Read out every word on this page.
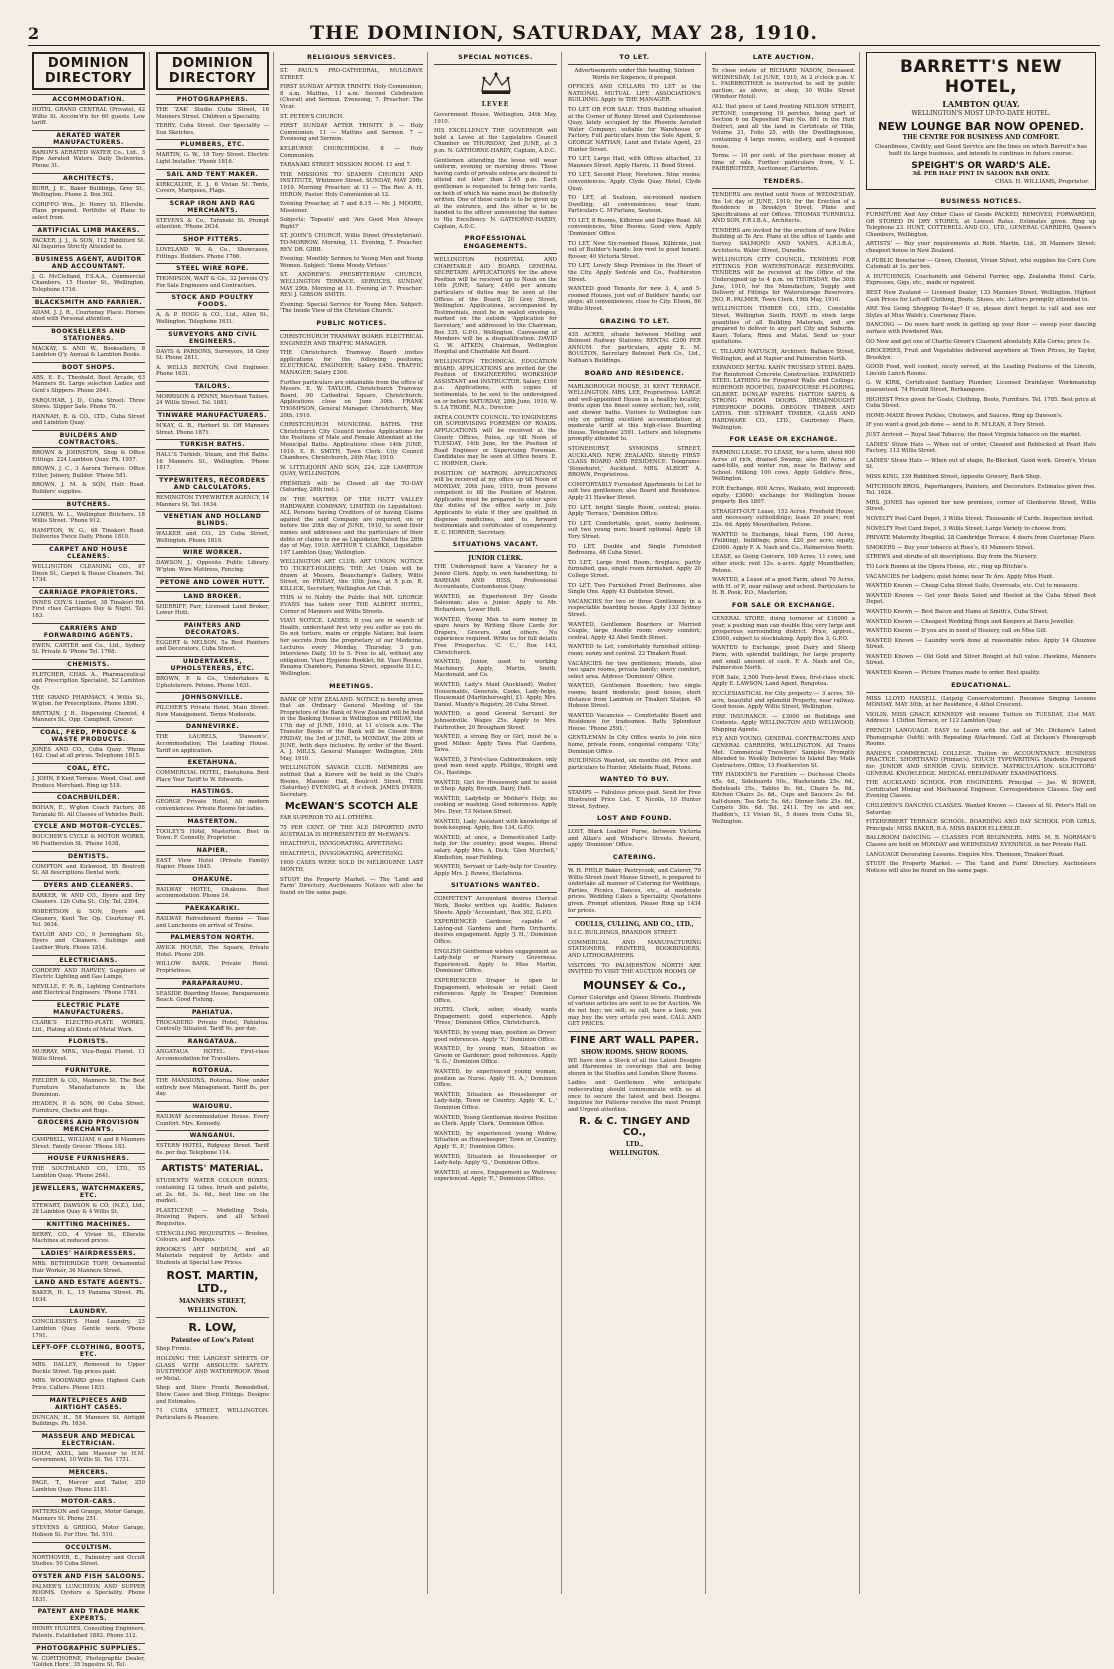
2	THE DOMINION, SATURDAY, MAY 28, 1910.
DOMINION DIRECTORY
ACCOMMODATION.
HOTEL GRAND CENTRAL (Private), 42 Willis St. Accom'd'n for 60 guests. Low tariff.
AERATED WATER MANUFACTURERS.
BARON'S AERATED WATER Co., Ltd., 3 Pipe Aerated Waters. Daily Deliveries. Phone 31.
ARCHITECTS.
BURR, J. E., Baker Buildings, Grey St., Wellington. Phone 2. Box 302.
CORIFFO Wm., Jr. Henry St. Ellerslie. Plans prepared. Portfolio of Plans to select from.
ARTIFICIAL LIMB MAKERS.
PACKER, J. J., & SON, 112 Riddiford St. All Inquiries Strictly Attended to.
BUSINESS AGENT, AUDITOR AND ACCOUNTANT.
J. G. McClelland, F.S.A.A., Commercial Chambers, 15 Hunter St., Wellington. Telephone 1716.
BLACKSMITH AND FARRIER.
ADAM, J. J. R., Courtenay Place. Horses shod with Personal attention.
BOOKSELLERS AND STATIONERS.
MACKAY, S. AND W., Booksellers, 8 Lambton Q'y. Annual & Lambton Books.
BOOT SHOPS.
ABS, E. E., Theobald, Boot Arcade, 63 Manners St. Large selection Ladies and Gent's Slippers. Phone 2641.
FARQUHAR, J. D., Cuba Street. Three Stores. Slipper Sale. Phone 70.
HANNAH, R. & CO., LTD., Cuba Street and Lambton Quay.
BUILDERS AND CONTRACTORS.
BROWN & JOHNSTON, Shop & Office Fittings. 224 Lambton Quay. Ph. 1957.
BROWN, J. C., 3 Aurora Terrace. Office Fitter, Joinery, Builder. 'Phone 581.
BROWN, J. M. & SON, Hutt Road. Builders' supplies.
BUTCHERS.
LOWES, W. L., Wellington Butchers. 18 Willis Street. 'Phone 912.
HAMPTON, W. G., 68 Tinakori Road. Deliveries Twice Daily. Phone 1810.
CARPET AND HOUSE CLEANERS.
WELLINGTON CLEANING CO., 87 Dixon St., Carpet & House Cleaners. Tel. 1734.
CARRIAGE PROPRIETORS.
INNES COY.'S Limited, 38 Tinakori Rd. First class Carriages Day & Night. Tel. 163.
CARRIERS AND FORWARDING AGENTS.
EWEN, CARTER and Co., Ltd., Sydney St. Private & 'Phone Tel. 1768.
CHEMISTS.
FLETCHER, CHAS. A., Pharmaceutical and Prescription Specialist, 52 Lambton Qy.
THE GRAND PHARMACY, 4 Willis St., W'gton. for Prescriptions. Phone 1890.
BRITTAIN, J. B., Dispensing Chemist, 4 Manners St., Opp. Campbell, Grocer.
COAL, FEED, PRODUCE & WASTE PRODUCTS.
JONES AND CO., Cuba Quay. 'Phone 162. Coal at all prices. Telephone 1815.
COAL, ETC.
J. JOHN, 8 Kent Terrace. Wood, Coal, and Produce Merchant. Ring up 518.
COACHBUILDER.
BOHAN, E., W'gton Coach Factory. 88 Taranaki St. All Classes of Vehicles Built.
CYCLE AND MOTOR-CYCLES.
BOUCHER'S CYCLE & MOTOR WORKS, 96 Featherston St. 'Phone 1638.
DENTISTS.
COMPTON and Kirkwood, 85 Boulcott St. All descriptions Dental work.
DYERS AND CLEANERS.
BARKER, W. AND CO., Dyers and Dry Cleaners. 126 Cuba St., City. Tel. 2304.
ROBERTSON & SON, Dyers and Cleaners, Kent Ter. Op. Courtenay Pl. Tel. 3634.
TAYLOR AND CO., 9 Jerningham St., Dyers and Cleaners. Suitings and Leather Work. Phone 1814.
ELECTRICIANS.
CORDERY AND HARVEY, Suppliers of Electric Lighting and Gas Lamps.
NEVILLE, F. R. B., Lighting Contractors and Electrical Engineers. 'Phone 1781.
ELECTRIC PLATE MANUFACTURERS.
CLARK'S ELECTRO-PLATE WORKS, Ltd., Plating all Kinds of Metal Work.
FLORISTS.
MURRAY, MRS., Vice-Regal Florist. 11 Willis Street.
FURNITURE.
FIELDER & CO., Manners St. The Best Furniture Manufacturers in the Dominion.
HEADEN, P. & SON, 90 Cuba Street. Furniture, Clocks and Rugs.
GROCERS AND PROVISION MERCHANTS.
CAMPBELL, WILLIAM, 6 and 8 Manners Street. Family Grocer. 'Phone 183.
HOUSE FURNISHERS.
THE SOUTHLAND CO., LTD., 55 Lambton Quay. 'Phone 2641.
JEWELLERS, WATCHMAKERS, ETC.
STEWART, DAWSON & CO. (N.Z.), Ltd., 28 Lambton Quay & 4 Willis St.
KNITTING MACHINES.
BERRY, CO., 4 Vivian St., Ellerslie Machines at reduced prices.
LADIES' HAIRDRESSERS.
MRS. BETHERIDGE TOPP, Ornamental Hair Worker, 36 Manners Street.
LAND AND ESTATE AGENTS.
BAKER, H. L., 15 Panama Street. Ph. 1634.
LAUNDRY.
CONCILESSIE'S Hand Laundry, 23 Lambton Quay. Gentle work. 'Phone 1791.
LEFT-OFF CLOTHING, BOOTS, ETC.
MRS. DALLEY, Removed to Upper Buckle Street. Top prices paid.
MRS. WOODWARD gives Highest Cash Price. Callers. Phone 1831.
MANTELPIECES AND AIRTIGHT CASES.
DUNCAN, H., 58 Manners St. Airtight Buildings. Ph. 1634.
MASSEUR AND MEDICAL ELECTRICIAN.
HOLM, AXEL, late Masseur to H.M. Government, 10 Willis St. Tel. 1751.
MERCERS.
PAGE, T., Mercer and Tailor, 250 Lambton Quay. Phone 2181.
MOTOR-CARS.
PATTERSON and Grange, Motor Garage, Manners St. Phone 251.
STEVENS & GREIGG, Motor Garage, Hobson St. For Hire. Tel. 510.
OCCULTISM.
NORTHOVER, E., Palmistry and Occult Studies. 50 Cuba Street.
OYSTER AND FISH SALOONS.
PALMER'S LUNCHEON AND SUPPER ROOMS. Oysters a Speciality. Phone 1831.
PATENT AND TRADE MARK EXPERTS.
HENRY HUGHES, Consulting Engineers, Patents. Established 1882. Phone 312.
PHOTOGRAPHIC SUPPLIES.
W. COPITHORNE, Photographic Dealer, 'Golden Horn', 35 Ingestre St. Tel.
DOMINION DIRECTORY
PHOTOGRAPHERS.
THE 'ZAK' Studio Cuba Street, 16 Manners Street. Children a Speciality.
TERRY, Cuba Street. Our Speciality — Sun Sketches.
PLUMBERS, ETC.
MARTIN, G. W., 18 Tory Street. Electric Light Installer. 'Phone 1816.
SAIL AND TENT MAKER.
KIRKCALDIE, E. J., 6 Vivian St. Tents, Covers, Marquees, Flags.
SCRAP IRON AND RAG MERCHANTS.
STEVENS & Co., Taranaki St. Prompt attention. 'Phone 2634.
SHOP FITTERS.
LOVELAND W. & Co., Showcases, Fittings. Builders. Phone 1766.
STEEL WIRE ROPE.
THOMPSON, WAIT & Co., 32 Jervois Q'y. For Sale Engineers and Contractors.
STOCK AND POULTRY FOODS.
A. & P. HOGG & CO., Ltd., Allen St., Wellington. Telephone 1631.
SURVEYORS AND CIVIL ENGINEERS.
DAVIS & PARSONS, Surveyors, 18 Grey St. Phone 2811.
A. WELLS BENTON, Civil Engineer. Phone 1631.
TAILORS.
MORRISON & PENNY, Merchant Tailors, 24 Willis Street. Tel. 1681.
TINWARE MANUFACTURERS.
M'KAY, G. B., Herbert St. Off Manners Street. Phone 1871.
TURKISH BATHS.
HALL'S Turkish, Steam, and Hot Baths. 16 Manners St., Wellington. 'Phone 1817.
TYPEWRITERS, RECORDERS AND CALCULATORS.
REMINGTON TYPEWRITER AGENCY, 14 Manners St. Tel. 1634.
VENETIAN AND HOLLAND BLINDS.
WALKER and CO., 25 Cuba Street, Wellington. Phone 1819.
WIRE WORKER.
DAWSON J., Opposite Public Library. W'gton. Wire Mattress, Fencing.
PETONE AND LOWER HUTT.
LAND BROKER.
SHERRIFF, Farr, Licensed Land Broker, Lower Hutt.
PAINTERS AND DECORATORS.
EGGERT & NELSON, 5a Best Painters and Decorators, Cuba Street.
UNDERTAKERS, UPHOLSTERERS, ETC.
BROWN, F. & Co., Undertakers & Upholsterers. Petone. Phone 1631.
JOHNSONVILLE.
PILCHER'S Private Hotel, Main Street. New Management. Terms Moderate.
DANNEVIRKE.
THE LAURELS, 'Dawson's', Accommodation; The Leading House. Tariff on application.
EKETAHUNA.
COMMERCIAL HOTEL, Eketahuna. Best Place Your Tariff to W. Edwards.
HASTINGS.
GEORGE Private Hotel, All modern conveniences. Private Rooms for ladies.
MASTERTON.
TOOLEY'S Hotel, Masterton. Best in Town. F. Connolly, Proprietor.
NAPIER.
EAST View Hotel (Private Family) Napier. Phone 1645.
OHAKUNE.
RAILWAY HOTEL, Ohakune. Best accommodation. Phone 24.
PAEKAKARIKI.
RAILWAY Refreshment Rooms — Teas and Luncheons on arrival of Trains.
PALMERSTON NORTH.
AWICK HOUSE, The Square, Private Hotel. Phone 209.
WILLOW BANK, Private Hotel. Proprietress.
PARAPARAUMU.
SEASIDE Boarding House, Paraparaumu Beach. Good Fishing.
PAHIATUA.
TROCADERO Private Hotel, Pahiatua. Centrally Situated. Tariff 6s. per day.
RANGATAUA.
ANGATAUA HOTEL. First-class Accommodation for Travellers.
ROTORUA.
THE MANSIONS, Rotorua. Now under entirely new Management. Tariff 8s. per day.
WAIOURU.
RAILWAY Accommodation House. Every Comfort. Mrs. Kennedy.
WANGANUI.
ESTERN HOTEL, Ridgway Street. Tariff 6s. per day. Telephone 114.
ARTISTS' MATERIAL.
STUDENTS' WATER COLOUR BOXES, containing 12 tubes, brush and palette, at 2s. 6d., 3s. 6d., best line on the market.
PLASTICENE — Modelling Tools, Drawing Papers, and all School Requisites.
STENCILLING REQUISITES — Brushes, Colours, and Designs.
BROOKE'S ART MEDIUM, and all Materials required by Artists and Students at Special Low Prices.
ROST. MARTIN, LTD.,
MANNERS STREET,
WELLINGTON.
R. LOW,
Patentee of Low's Patent
Shop Fronts.
HOLDING THE LARGEST SHEETS OF GLASS WITH ABSOLUTE SAFETY. DUSTPROOF AND WATERPROOF. Wood or Metal.
Shop and Store Fronts Remodelled, Show Cases and Shop Fittings. Designs and Estimates.
71 CUBA STREET, WELLINGTON. Particulars & Pleasure.
RELIGIOUS SERVICES.
ST. PAUL'S PRO-CATHEDRAL, MULGRAVE STREET.
FIRST SUNDAY AFTER TRINITY. Holy Communion, 8 a.m. Mattins, 11 a.m. Second Celebration (Choral) and Sermon. Evensong, 7. Preacher: The Vicar.
ST. PETER'S CHURCH.
FIRST SUNDAY AFTER TRINITY. 8 — Holy Communion. 11 — Mattins and Sermon. 7 — Evensong and Sermon.
KELBURNE CHURCHROOM. 8 — Holy Communion.
TARANAKI STREET MISSION ROOM. 11 and 7.
THE MISSIONS TO SEAMEN CHURCH AND INSTITUTE, Whitmore Street. SUNDAY, MAY 29th, 1910. Morning Preacher, at 11 — The Rev. A. H. HERON, Pastor. Holy Communion at 12.
Evening Preacher, at 7 and 8.15 — Mr. J. MOORE, Missioner.
Subjects: 'Topsails' and 'Are Good Men Always Right?'
ST. JOHN'S CHURCH, Willis Street (Presbyterian). TO-MORROW. Morning, 11. Evening, 7. Preacher, REV. DR. GIBB.
Evening: Monthly Sermon to Young Men and Young Women. Subject: 'Some Moody Virtues.'
ST. ANDREW'S PRESBYTERIAN CHURCH, WELLINGTON TERRACE. SERVICES, SUNDAY, MAY 29th. Morning at 11. Evening at 7. Preacher: REV. J. GIBSON SMITH.
Evening: Special Service for Young Men. Subject: 'The Inside View of the Christian Church.'
PUBLIC NOTICES.
CHRISTCHURCH TRAMWAY BOARD. ELECTRICAL ENGINEER AND TRAFFIC MANAGER.
THE Christchurch Tramway Board invites applications for the following positions: ELECTRICAL ENGINEER; Salary £450. TRAFFIC MANAGER; Salary £300.
Further particulars are obtainable from the office of Messrs. E. W. TAYLOR, Christchurch Tramway Board, 90 Cathedral Square, Christchurch. Applications close on June 30th. FRANK THOMPSON, General Manager. Christchurch, May 20th, 1910.
CHRISTCHURCH MUNICIPAL BATHS. THE Christchurch City Council invites Applications for the Positions of Male and Female Attendant at the Municipal Baths. Applications close 14th JUNE, 1910. E. R. SMITH, Town Clerk. City Council Chambers, Christchurch, 24th May, 1910.
W. LITTLEJOHN AND SON, 224, 228 LAMBTON QUAY, WELLINGTON.
PREMISES will be Closed all day TO-DAY (Saturday, 28th inst.).
IN THE MATTER OF THE HUTT VALLEY HARDWARE COMPANY, LIMITED (in Liquidation). ALL Persons having Creditors of or having Claims against the said Company are required, on or before the 20th day of JUNE, 1910, to send their names and addresses and the particulars of their debts or claims to me as Liquidator. Dated the 28th day of May, 1910. ARTHUR T. CLARKE, Liquidator. 197 Lambton Quay, Wellington.
WELLINGTON ART CLUB. ART UNION. NOTICE TO TICKET-HOLDERS. THE Art Union will be drawn at Messrs. Beauchamp's Gallery, Willis Street, on FRIDAY, the 10th June, at 5 p.m. R. KILLICK, Secretary, Wellington Art Club.
THIS is to Notify the Public that MR. GEORGE EVANS has taken over THE ALBERT HOTEL, Corner of Manners and Willis Streets.
VIAVI NOTICE. LADIES: If you are in search of Health, understand first why you suffer as you do. Do not torture, maim or cripple Nature; but learn her secrets from the proprietary of our Medicine. Lectures every Monday, Thursday, 3 p.m. Interviews Daily, 10 to 5. Free to all, without any obligation. Viavi Hygienic Booklet, 6d. Viavi Rooms, Panama Chambers, Panama Street, opposite D.I.C., Wellington.
MEETINGS.
BANK OF NEW ZEALAND. NOTICE is hereby given that an Ordinary General Meeting of the Proprietors of the Bank of New Zealand will be held in the Banking House in Wellington on FRIDAY, the 17th day of JUNE, 1910, at 11 o'clock a.m. The Transfer Books of the Bank will be Closed from FRIDAY, the 3rd of JUNE, to MONDAY, the 20th of JUNE, both days inclusive. By order of the Board. A. J. MILLS, General Manager. Wellington, 24th May, 1910.
WELLINGTON SAVAGE CLUB. MEMBERS are notified that a Korero will be held in the Club's Rooms, Masonic Hall, Boulcott Street, THIS (Saturday) EVENING, at 8 o'clock. JAMES DYKES, Secretary.
McEWAN'S SCOTCH ALE
FAR SUPERIOR TO ALL OTHERS.
75 PER CENT. OF THE ALE IMPORTED INTO AUSTRALIA IS REPRESENTED BY McEWAN'S.
HEALTHFUL, INVIGORATING, APPETISING.
HEALTHFUL, INVIGORATING, APPETISING.
1600 CASES WERE SOLD IN MELBOURNE LAST MONTH.
STUDY the Property Market. — The 'Land and Farm' Directory. Auctioneers Notices will also be found on the same page.
SPECIAL NOTICES.
LEVEE
Government House, Wellington, 24th May, 1910.
HIS EXCELLENCY THE GOVERNOR will hold a Levee at the Legislative Council Chamber on THURSDAY, 2nd JUNE, at 3 p.m. N. GATHORNE-HARDY, Captain, A.D.C.
Gentlemen attending the levee will wear uniform, evening or morning dress. Those having cards of private entree are desired to attend not later than 2.45 p.m. Each gentleman is requested to bring two cards, on both of which his name must be distinctly written. One of these cards is to be given up at the entrance, and the other is to be handed to the officer announcing the names to His Excellency. N. GATHORNE-HARDY, Captain, A.D.C.
PROFESSIONAL ENGAGEMENTS.
WELLINGTON HOSPITAL AND CHARITABLE AID BOARD. GENERAL SECRETARY. APPLICATIONS for the above Position will be received up to Noon on the 10th JUNE; Salary, £400 per annum; particulars of duties may be seen at the Offices of the Board, 20 Grey Street, Wellington. Applications, accompanied by Testimonials, must be in sealed envelopes, marked on the outside 'Application for Secretary,' and addressed to the Chairman, Box 335, G.P.O., Wellington. Canvassing of Members will be a disqualification. DAVID G. W. AITKEN, Chairman, Wellington Hospital and Charitable Aid Board.
WELLINGTON TECHNICAL EDUCATION BOARD. APPLICATIONS are invited for the Position of ENGINEERING WORKSHOP ASSISTANT and INSTRUCTOR. Salary, £160 p.a. Applications, with copies of testimonials, to be sent to the undersigned on or before SATURDAY, 28th June, 1910. W. S. LA TROBE, M.A., Director.
PATEA COUNTY COUNCIL. TO ENGINEERS OR SUPERVISING FOREMEN OF ROADS. APPLICATIONS will be received at the County Offices, Patea, up till Noon of TUESDAY, 14th June, for the Position of Road Engineer or Supervising Foreman. Candidates may be seen at Office hours. E. C. HORNER, Clerk.
POSITION OF MATRON. APPLICATIONS will be received at my office up till Noon of MONDAY, 20th June, 1910, from persons competent to fill the Position of Matron. Applicants must be prepared to enter upon the duties of the office early in July. Applicants to state if they are qualified in dispense medicines, and to forward testimonials and certificates of competency. E. C. HORNER, Secretary.
SITUATIONS VACANT.
JUNIOR CLERK.
THE Undersigned have a Vacancy for a Junior Clerk. Apply, in own handwriting, to BARHAM AND HISS, Professional Accountants, Customhouse Quay.
WANTED, an Experienced Dry Goods Salesman; also a Junior. Apply to Mr. Richardson, Lower Hutt.
WANTED, Young Man to earn money in spare hours by Writing Show Cards for Drapers, Grocers, and others. No experience required. Write us for full details Free Prospectus. 'C. C.,' Box 143, Christchurch.
WANTED, Junior, used to working Machinery. Apply, Martin, Smith, Macdonald, and Co.
WANTED, Lady's Maid (Auckland), Waiter, Housemaids, Generals, Cooks, Lady-helps, Housemaid (Martinborough), £1. Apply, Mrs. Daniel, Mundy's Registry, 26 Cuba Street.
WANTED, a good General Servant for Johnsonville. Wages 25s. Apply to Mrs. Fairbrother, 20 Brougham Street.
WANTED, a strong Boy or Girl, must be a good Milker. Apply Tawa Flat Gardens, Tawa.
WANTED, 3 First-class Cabinetmakers, only good men need apply. Phillips, Wright and Co., Hastings.
WANTED, Girl for Housework and to assist in Shop. Apply, Brough, Dairy, Hutt.
WANTED, Ladyhelp or Mother's Help; no cooking or washing. Good references. Apply Mrs. Dyer, 73 Nelson Street.
WANTED, Lady Assistant with knowledge of book-keeping. Apply, Box 134, G.P.O.
WANTED, at once, a Domesticated Lady-help for the country; good wages, liberal salary. Apply Mrs. A. Dick, 'Glen Murchell,' Kimbolton, near Feilding.
WANTED, Servant or Lady-help for Country. Apply Mrs. J. Bowes, Eketahuna.
SITUATIONS WANTED.
COMPETENT Accountant desires Clerical Work, Books written up; Audits; Balance Sheets. Apply 'Accountant,' Box 302, G.P.O.
EXPERIENCED Gardener, capable of Laying-out Gardens and Farm Orchards, desires engagement. Apply 'J. H.,' Dominion Office.
ENGLISH Gentleman wishes engagement as Lady-help or Nursery Governess. Experienced. Apply to Miss Martin, 'Dominion' Office.
EXPERIENCED Draper is open to Engagement, wholesale or retail. Good references. Apply to 'Draper,' Dominion Office.
HOTEL Clerk, sober, steady, wants Engagement; good experience. Apply 'Press,' Dominion Office, Christchurch.
WANTED, by young man, position as Driver; good references. Apply 'Y.,' Dominion Office.
WANTED, by young man, Situation as Groom or Gardener; good references. Apply 'S. G.,' Dominion Office.
WANTED, by experienced young woman, position as Nurse. Apply 'H. A.,' Dominion Office.
WANTED, Situation as Housekeeper or Lady-help, Town or Country. Apply 'K. L.,' Dominion Office.
WANTED, Young Gentleman desires Position as Clerk. Apply 'Clerk,' Dominion Office.
WANTED, by experienced young Widow, Situation as Housekeeper; Town or Country. Apply 'E. P.,' Dominion Office.
WANTED, Situation as Housekeeper or Lady-help. Apply 'G.,' Dominion Office.
WANTED, at once, Engagement as Waitress; experienced. Apply 'F.,' Dominion Office.
TO LET.
Advertisements under this heading, Sixteen Words for Sixpence, if prepaid.
OFFICES AND CELLARS TO LET in the NATIONAL MUTUAL LIFE ASSOCIATION'S BUILDING. Apply to THE MANAGER.
TO LET OR FOR SALE. THIS Building situated at the Corner of Bunny Street and Customhouse Quay, lately occupied by the Phoenix Aerated Water Company; suitable for Warehouse or Factory. Full particulars from the Sole Agent, S. GEORGE NATHAN, Land and Estate Agent, 23 Hunter Street.
TO LET, Large Hall, with Offices attached, 33 Manners Street. Apply Harris, 11 Bond Street.
TO LET, Second Floor, Newtown. Nine rooms; conveniences. Apply Clyde Quay Hotel, Clyde Quay.
TO LET, at Seatoun, six-roomed modern Dwelling; all conveniences; near tram. Particulars C. M'Farlane, Seatoun.
TO LET, 8 Rooms, Kilbirnie and Dapps Road. All conveniences, Nine Rooms, Good view. Apply 'Dominion' Office.
TO LET, New Six-roomed House, Kilbirnie, just out of Builder's hands; low rent to good tenant. Rosser, 40 Victoria Street.
TO LET, Lovely Shop Premises in the Heart of the City. Apply Sedcole and Co., Featherston Street.
WANTED good Tenants for new 3, 4, and 5-roomed Houses, just out of Builders' hands; car stops; all conveniences; close to City. Elsom, 86 Willis Street.
GRAZING TO LET.
435 ACRES, situate between Melling and Belmont Railway Stations; RENTAL £200 PER ANNUM. For particulars, apply E. M. BOULTON, Secretary Belmont Park Co., Ltd., Nathan's Buildings.
BOARD AND RESIDENCE.
MARLBOROUGH HOUSE, 31 KENT TERRACE, WELLINGTON. MRS. LEE, Proprietress. LARGE and well-appointed House in a healthy locality; fronts upon the finest sunny section; hot, cold, and shower baths. Visitors to Wellington can rely on getting excellent accommodation at moderate tariff at this high-class Boarding House. Telephone 2591. Letters and telegrams promptly attended to.
STONEHURST, SYMONDS STREET, AUCKLAND. NEW ZEALAND. Strictly FIRST-CLASS BOARD AND RESIDENCE. Telegrams: 'Stonehurst,' Auckland. MRS. ALBERT A. BROWN, Proprietress.
COMFORTABLY Furnished Apartments to Let to suit two gentlemen; also Board and Residence. Apply 21 Hawker Street.
TO LET, bright Single Room, central; piano. Apply 'Terrace,' Dominion Office.
TO LET, Comfortable, quiet, sunny bedroom, suit two young men; board optional. Apply 18 Tory Street.
TO LET, Double and Single Furnished Bedrooms. 48 Cuba Street.
TO LET, Large front Room, fireplace, partly furnished, gas, single room furnished. Apply 20 College Street.
TO LET, Two Furnished Front Bedrooms, also Single One. Apply 43 Dubliston Street.
VACANCIES for two or three Gentlemen; in a respectable boarding house. Apply 133 Sydney Street.
WANTED, Gentlemen Boarders or Married Couple, large double room; every comfort; central. Apply 42 Abel Smith Street.
WANTED to Let, comfortably furnished sitting-room; sunny and central. 22 Tinakori Road.
VACANCIES for two gentlemen; friends, also two spare rooms, private family; every comfort, select area. Address 'Dominion' Office.
WANTED, Gentlemen Boarders; two single rooms; board moderate; good house; short distance from Lambton or Tinakori Station. 45 Hobson Street.
WANTED Vacancies — Comfortable Board and Residence for tradesmen. Bath; Splendour House. 'Phone 2591.',
GENTLEMAN In City Office wants to join nice home, private room, congenial company. 'City,' Dominion Office.
BUILDINGS Wanted, six months old. Price and particulars to Hunter, Adelaide Road, Petone.
WANTED TO BUY.
STAMPS — Fabulous prices paid. Send for Free Illustrated Price List. T. Nicolls, 10 Hunter Street, Sydney.
LOST AND FOUND.
LOST, Black Leather Purse, between Victoria and Allan's and Windsor's Streets. Reward, apply 'Dominion' Office.
CATERING.
W. H. PHILP, Baker, Pastrycook, and Caterer, 79 Willis Street (next Manse Street), is prepared to undertake all manner of Catering for Weddings, Parties, Picnics, Dances, etc., at moderate prices. Wedding Cakes a Speciality. Quotations given. Prompt attention. Please Ring up 1434 for prices.
COULLS, CULLING, AND CO., LTD.,
D.I.C. BUILDINGS, BRANDON STREET.
COMMERCIAL AND MANUFACTURING STATIONERS, PRINTERS, BOOKBINDERS, AND LITHOGRAPHERS.
VISITORS TO PALMERSTON NORTH ARE INVITED TO VISIT THE AUCTION ROOMS OF
MOUNSEY & Co.,
Corner Coleridge and Queen Streets. Hundreds of various articles are sent to us for Auction. We do not buy; we sell; so call, have a look; you may buy the very article you want. CALL AND GET PRICES.
FINE ART WALL PAPER.
SHOW ROOMS. SHOW ROOMS.
WE have now a Stock of all the Latest Designs and Harmonies in coverings that are being shown in the Studios and London Show Rooms.
Ladies and Gentlemen who anticipate redecorating should communicate with us at once to secure the latest and best Designs. Inquiries for Patterns receive the most Prompt and Urgent attention.
R. & C. TINGEY AND CO.,
LTD.,
WELLINGTON.
LATE AUCTION.
To close estate of RICHARD NASON, Deceased. WEDNESDAY, 1st JUNE, 1910, At 2 o'clock p.m. V. L. FAIRBROTHER is instructed to sell by public auction, as above, in shop, 30 Willis Street (Windsor Hotel).
ALL that piece of Land fronting NELSON STREET, PETONE, comprising 19 perches, being part of Section 6 on Deposited Plan No. 881 in the Hutt District, and all the land in Certificate of Title, Volume 21, Folio 25, with the Dwellinghouse, containing 4 large rooms, scullery, and 4-roomed house.
Terms — 10 per cent. of the purchase money at time of sale. Further particulars from, V. L. FAIRBROTHER, Auctioneer, Carterton.
TENDERS.
TENDERS are invited until Noon of WEDNESDAY, the 1st day of JUNE, 1910, for the Erection of a Residence in Brooklyn Street. Plans and Specifications at our Offices. THOMAS TURNBULL AND SON, F.R.I.B.A., Architects.
TENDERS are invited for the erection of new Police Building at Te Aro. Plans at the office of Lands and Survey. SALMOND AND VANES, A.R.I.B.A., Architects. Water Street, Dunedin.
WELLINGTON CITY COUNCIL. TENDERS FOR FITTINGS FOR WATERSTORAGE RESERVOIRS. TENDERS will be received at the Office of the Undersigned up to 4 p.m. on THURSDAY, the 30th June, 1910, for the Manufacture, Supply and Delivery of Fittings for Waterstorage Reservoirs. JNO. R. PALMER, Town Clerk. 19th May, 1910.
WELLINGTON TIMBER CO., LTD., Constable Street, Wellington South. HAVE in stock large quantities of all Building Materials, and are prepared to deliver to any part City and Suburbs. Kauri, Totara, Rimu and Matai. Send us your quotations.
C. TILLARD NATUSCH, Architect. Ballance Street, Wellington, and at Napier and Palmerston North.
EXPANDED METAL KAHN TRUSSED STEEL BARS. For Reinforced Concrete Construction. EXPANDED STEEL LATHING for Fireproof Walls and Ceilings. RUBEROID ROOFING, DAMPCOURSE FLOORING. GILBERT, DUNLAP PAPERS. HATTON SAFES & STRONG ROOM DOORS. DREADNOUGHT FIREPROOF DOORS. OREGON TIMBER AND LATHS. THE STEWART TIMBER, GLASS AND HARDWARE CO., LTD., Courtenay Place, Wellington.
FOR LEASE OR EXCHANGE.
FARMING LEASE. TO LEASE, for a term, about 600 Acres of rich, drained Swamp; also 60 Acres of sand-hills, and winter run, near to Railway and School. Milking 100 cows. Apply Goldie's Bros., Wellington.
FOR Exchange, 600 Acres, Waikato, well improved; equity, £3000; exchange for Wellington house property. Box 1807.
STRAIGHT-OUT Lease, 152 Acres, Freehold House, and necessary outbuildings; lease 20 years; rent 22s. 6d. Apply Mountbatten, Petone.
WANTED to Exchange, Ideal Farm, 190 Acres, (Feilding), buildings; price, £20 per acre; equity, £2000. Apply F. A. Nash and Co., Palmerston North.
LEASE, as Going Concern, 169 Acres, 11 cows, and other stock; rent 12s. a-acre. Apply Mountbatten, Petone.
WANTED, a Lease of a good Farm, about 70 Acres, with H. of P., near railway and school. Particulars to H. R. Pook, P.O., Masterton.
FOR SALE OR EXCHANGE.
GENERAL STORE, doing turnover of £16000 a year; a pushing man can double this; very large and prosperous surrounding district. Price, approx., £3000, subject to stocktaking. Apply Box 3, G.P.O.
WANTED to Exchange, good Dairy and Sheep Farm, with splendid buildings, for large property and small amount of cash. F. A. Nash and Co., Palmerston North.
FOR Sale, 2,500 Pure-bred Ewes, first-class stock. Apply E. LAWSON, Land Agent, Rongotea.
ECCLESIASTICAL for City property — 3 acres, 50-acre, beautiful and splendid Property, near railway. Good house. Apply Willis Street, Wellington.
FIRE INSURANCE. — £3000 on Buildings and Contents. Apply WELLINGTON AND WELLWOOD, Shipping Agents.
FLY AND YOUNG, GENERAL CONTRACTORS AND GENERAL CARRIERS, WELLINGTON. All Trains Met. Commercial Travellers' Samples Promptly Attended to. Weekly Deliveries to Island Bay. Mails Contractors. Office, 13 Featherston St.
TRY HADDON'S for Furniture — Duchesse Chests 65s. 6d., Sideboards 90s., Washstands 25s. 6d., Bedsteads 35s., Tables 8s. 6d., Chairs 5s. 6d., Kitchen Chairs 2s. 6d., Cups and Saucers 2s. 6d. half-dozen, Tea Sets 5s. 6d.; Dinner Sets 25s. 6d., Carpets 30s. 6d. Tel. 2411. Try us and see, Haddon's, 13 Vivian St., 5 doors from Cuba St., Wellington.
BARRETT'S NEW HOTEL,
LAMBTON QUAY.
WELLINGTON'S MOST UP-TO-DATE HOTEL.
NEW LOUNGE BAR NOW OPENED.
THE CENTRE FOR BUSINESS AND COMFORT.
Cleanliness, Civility, and Good Service are the lines on which Barrett's has built its large business, and intends to continue in future course.
SPEIGHT'S OR WARD'S ALE.
3d. PER HALF PINT IN SALOON BAR ONLY.
CHAS. H. WILLIAMS, Proprietor.
BUSINESS NOTICES.
FURNITURE And Any Other Class of Goods PACKED, REMOVED, FORWARDED, OR STORED IN DRY STORES, at Lowest Rates. Estimates given. Ring up Telephone 23. HUNT, COTTERELL AND CO., LTD., GENERAL CARRIERS, Queen's Chambers, Wellington.
ARTISTS' — Buy your requirements at Robt. Martin, Ltd., 38 Manners Street; cheapest house in New Zealand.
A PUBLIC Benefactor — Green, Chemist, Vivian Street, who supplies his Corn Cure Cutsmatl at 1s. per box.
A HUTCHINGS, Coachsmith and General Farrier, opp. Zealandia Hotel. Carts, Expresses, Gigs, etc., made or repaired.
BEST New Zealand — Licensed Dealer, 133 Manners Street, Wellington. Highest Cash Prices for Left-off Clothing, Boots, Shoes, etc. Letters promptly attended to.
ARE You Going Shopping To-day? If so, please don't forget to call and see our Styles at Miss Walsh's, Courtenay Place.
DANCING — Do more hard work in getting up your floor — sweep your dancing surface with Powdered Wax.
GO Now and get one of Charlie Green's Clasment absolutely Killa Corns; price 1s.
GROCERIES, Fruit and Vegetables delivered anywhere at Town Prices, by Taylor, Brooklyn.
GOOD Food, well cooked, nicely served, at the Leading Features of the Lincoln, Lincoln Lunch Rooms.
G. W. KIRK, Certificated Sanitary Plumber, Licensed Drainlayer. Workmanship guaranteed. 74 Herald Street, Berhampore.
HIGHEST Price given for Goats, Clothing, Boots, Furniture. Tel. 1785. Best price at Cuba Street.
HOME-MADE Brown Pickles, Chutneys, and Sauces. Ring up Dawson's.
IF you want a good job done — send to R. M'LEAN, 8 Tory Street.
JUST Arrived — Royal Seal Tobacco, the finest Virginia tobacco on the market.
LADIES' Straw Hats — When out of order, Cleaned and Reblocked at Pearl Hats Factory, 113 Willis Street.
LADIES' Straw Hats — When out of shape, Re-Blocked. Good work. Green's, Vivian St.
MISS KING, 339 Riddiford Street, opposite Grocery, Back Shop.
MITCHISON BROS., Paperhangers, Painters, and Decorators. Estimates given free. Tel. 1624.
MRS. JONES has opened her new premises, corner of Glenbervie Street, Willis Street.
NOVELTY Post Card Depot, 3 Willis Street. Thousands of Cards. Inspection invited.
NOVELTY Post Card Depot, 3 Willis Street; Large Variety to choose from.
PRIVATE Maternity Hospital, 28 Cambridge Terrace. 4 doors from Courtenay Place.
SMOKERS — Buy your tobacco at Ross's, 81 Manners Street.
STREWS and shrubs of all descriptions. Buy from the Nursery.
TO Lock Rooms at the Opera House, etc., ring up Ritchie's.
VACANCIES for Lodgers; quiet home; near Te Aro. Apply Miss Hunt.
WANTED Known — Cheap Cuba Street Suits, Overcoats, etc. Cut to measure.
WANTED Known — Get your Boots Soled and Heeled at the Cuba Street Boot Depot.
WANTED Known — Best Bacon and Hams at Smith's, Cuba Street.
WANTED Known — Cheapest Wedding Rings and Keepers at Davis Jeweller.
WANTED Known — If you are in need of Hosiery, call on Miss Gill.
WANTED Known — Laundry work done at reasonable rates. Apply 14 Ghuznee Street.
WANTED Known — Old Gold and Silver Bought at full value. Hawkins, Manners Street.
WANTED Known — Picture Frames made to order. Best quality.
EDUCATIONAL.
MISS LLOYD HASSELL (Leipzig Conservatorium). Resumes Singing Lessons MONDAY, MAY 30th, at her Residence, 4 Athol Crescent.
VIOLIN. MISS GRACE KENNEDY will resume Tuition on TUESDAY, 31st MAY. Address: 1 Clifton Terrace, or 112 Lambton Quay.
FRENCH LANGUAGE. EASY to Learn with the aid of Mr. Dickson's Latest Phonographic Outfit; with Repeating Attachment. Call at Dickson's Phonograph Rooms.
BANES'S COMMERCIAL COLLEGE. Tuition in: ACCOUNTANCY. BUSINESS PRACTICE. SHORTHAND (Pitman's). TOUCH TYPEWRITING. Students Prepared for: JUNIOR AND SENIOR CIVIL SERVICE. MATRICULATION. SOLICITORS' GENERAL KNOWLEDGE. MEDICAL PRELIMINARY EXAMINATIONS.
THE AUCKLAND SCHOOL FOR ENGINEERS. Principal — Jas. W. BOWER, Certificated Mining and Mechanical Engineer. Correspondence Classes. Day and Evening Classes.
CHILDREN'S DANCING CLASSES. Wanted Known — Classes at St. Peter's Hall on Saturday.
FITZHERBERT TERRACE SCHOOL. BOARDING AND DAY SCHOOL FOR GIRLS. Principals: MISS BAKER, B.A. MISS BAKER ELLERSLIE.
BALLROOM DANCING — CLASSES FOR BEGINNERS. MRS. M. B. NORMAN'S Classes are held on MONDAY and WEDNESDAY EVENINGS, in her Private Hall.
LANGUAGE Decorating Lessons. Enquire Mrs. Thomson, Tinakori Road.
STUDY the Property Market. — The 'Land and Farm' Directory. Auctioneers Notices will also be found on the same page.
